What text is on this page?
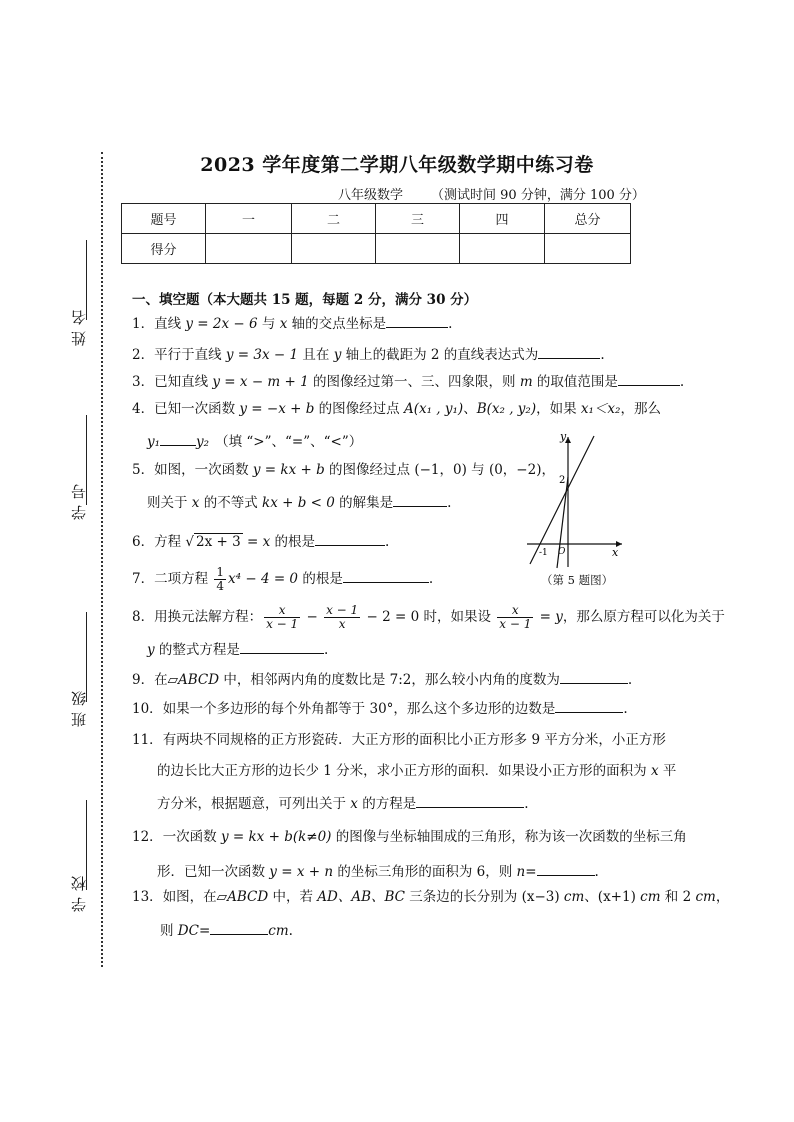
姓名
学号
班级
学校
2023 学年度第二学期八年级数学期中练习卷
八年级数学 （测试时间 90 分钟，满分 100 分）
题号	一	二	三	四	总分
得分					
一、填空题（本大题共 15 题，每题 2 分，满分 30 分）
1．直线 y = 2x − 6 与 x 轴的交点坐标是	.
2．平行于直线 y = 3x − 1 且在 y 轴上的截距为 2 的直线表达式为	.
3．已知直线 y = x − m + 1 的图像经过第一、三、四象限，则 m 的取值范围是	.
4．已知一次函数 y = −x + b 的图像经过点 A(x₁ , y₁)、B(x₂ , y₂)，如果 x₁＜x₂，那么
y₁	y₂ （填 “>”、“=”、“<”）
5．如图，一次函数 y = kx + b 的图像经过点 (−1，0) 与 (0，−2)，
则关于 x 的不等式 kx + b < 0 的解集是	.
y
x
2
-1 O
（第 5 题图）
6．方程 √ 2x + 3 = x 的根是	.
7．二项方程 $\frac{1}{4} x^4 - 4 = 0$ 的根是	.
8．用换元法解方程： $\frac{x}{x - 1} - \frac{x - 1}{x} - 2 = 0$ 时，如果设 $\frac{x}{x - 1} = y$，那么原方程可以化为关于
y 的整式方程是	.
9．在▱ABCD 中，相邻两内角的度数比是 7:2，那么较小内角的度数为	.
10．如果一个多边形的每个外角都等于 30°，那么这个多边形的边数是	.
11．有两块不同规格的正方形瓷砖．大正方形的面积比小正方形多 9 平方分米，小正方形
的边长比大正方形的边长少 1 分米，求小正方形的面积．如果设小正方形的面积为 x 平
方分米，根据题意，可列出关于 x 的方程是	.
12．一次函数 y = kx + b(k≠0) 的图像与坐标轴围成的三角形，称为该一次函数的坐标三角
形．已知一次函数 y = x + n 的坐标三角形的面积为 6，则 n=	.
13．如图，在▱ABCD 中，若 AD、AB、BC 三条边的长分别为 (x−3) cm、(x+1) cm 和 2 cm，
则 DC=	cm.
